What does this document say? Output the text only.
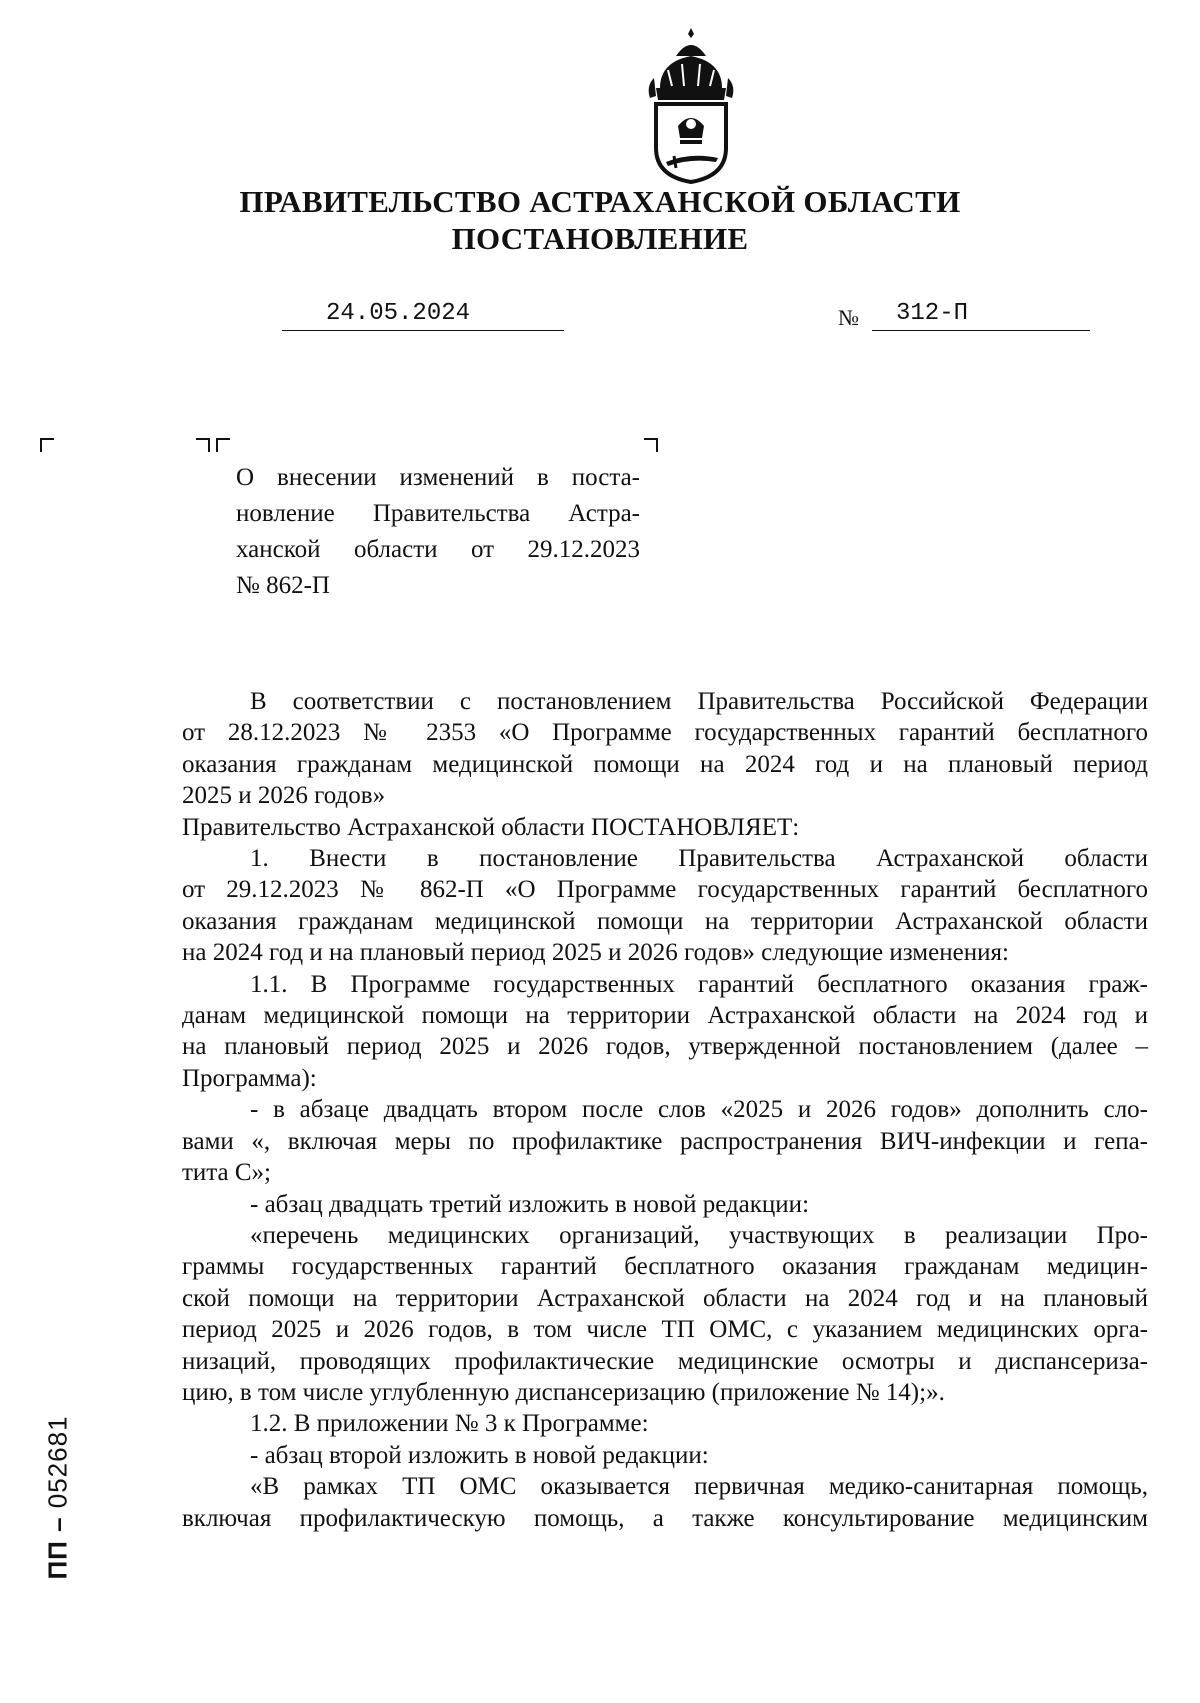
ПРАВИТЕЛЬСТВО АСТРАХАНСКОЙ ОБЛАСТИ
ПОСТАНОВЛЕНИЕ
24.05.2024	№ 312-П
О внесении изменений в поста-
новление Правительства Астра-
ханской области от 29.12.2023
№ 862-П
В соответствии с постановлением Правительства Российской Федерации
от 28.12.2023 № 2353 «О Программе государственных гарантий бесплатного
оказания гражданам медицинской помощи на 2024 год и на плановый период
2025 и 2026 годов»
Правительство Астраханской области ПОСТАНОВЛЯЕТ:
1. Внести в постановление Правительства Астраханской области
от 29.12.2023 № 862-П «О Программе государственных гарантий бесплатного
оказания гражданам медицинской помощи на территории Астраханской области
на 2024 год и на плановый период 2025 и 2026 годов» следующие изменения:
1.1. В Программе государственных гарантий бесплатного оказания граж-
данам медицинской помощи на территории Астраханской области на 2024 год и
на плановый период 2025 и 2026 годов, утвержденной постановлением (далее –
Программа):
- в абзаце двадцать втором после слов «2025 и 2026 годов» дополнить сло-
вами «, включая меры по профилактике распространения ВИЧ-инфекции и гепа-
тита С»;
- абзац двадцать третий изложить в новой редакции:
«перечень медицинских организаций, участвующих в реализации Про-
граммы государственных гарантий бесплатного оказания гражданам медицин-
ской помощи на территории Астраханской области на 2024 год и на плановый
период 2025 и 2026 годов, в том числе ТП ОМС, с указанием медицинских орга-
низаций, проводящих профилактические медицинские осмотры и диспансериза-
цию, в том числе углубленную диспансеризацию (приложение № 14);».
1.2. В приложении № 3 к Программе:
- абзац второй изложить в новой редакции:
«В рамках ТП ОМС оказывается первичная медико-санитарная помощь,
включая профилактическую помощь, а также консультирование медицинским
ПП – 052681
